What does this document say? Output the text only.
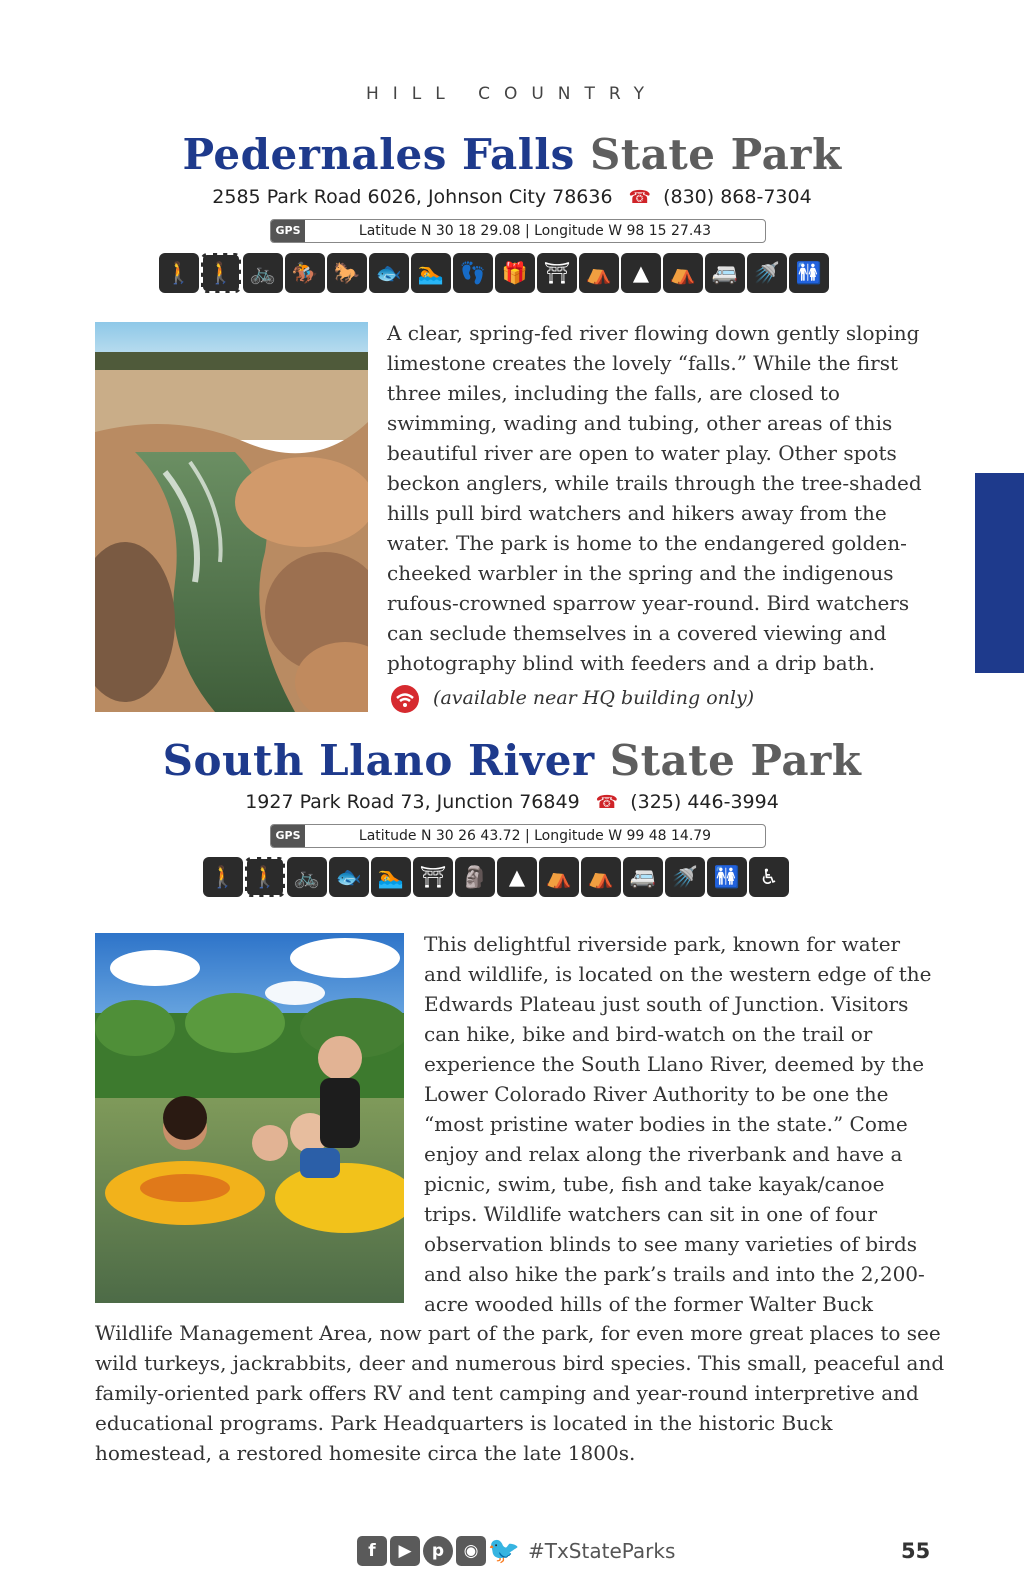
HILL COUNTRY
Pedernales Falls State Park
2585 Park Road 6026, Johnson City 78636 ☎ (830) 868-7304
GPS	Latitude N 30 18 29.08 | Longitude W 98 15 27.43
🚶 🚶 🚲 🏇 🐎 🐟 🏊 👣 🎁 ⛩ ⛺ ▲ ⛺ 🚐 🚿 🚻
A clear, spring-fed river flowing down gently sloping limestone creates the lovely “falls.” While the first three miles, including the falls, are closed to swimming, wading and tubing, other areas of this beautiful river are open to water play. Other spots beckon anglers, while trails through the tree-shaded hills pull bird watchers and hikers away from the water. The park is home to the endangered golden-cheeked warbler in the spring and the indigenous rufous-crowned sparrow year-round. Bird watchers can seclude themselves in a covered viewing and photography blind with feeders and a drip bath.
(available near HQ building only)
South Llano River State Park
1927 Park Road 73, Junction 76849 ☎ (325) 446-3994
GPS	Latitude N 30 26 43.72 | Longitude W 99 48 14.79
🚶 🚶 🚲 🐟 🏊 ⛩ 🗿 ▲ ⛺ ⛺ 🚐 🚿 🚻 ♿
This delightful riverside park, known for water and wildlife, is located on the western edge of the Edwards Plateau just south of Junction. Visitors can hike, bike and bird-watch on the trail or experience the South Llano River, deemed by the Lower Colorado River Authority to be one the “most pristine water bodies in the state.” Come enjoy and relax along the riverbank and have a picnic, swim, tube, fish and take kayak/canoe trips. Wildlife watchers can sit in one of four observation blinds to see many varieties of birds and also hike the park’s trails and into the 2,200-acre wooded hills of the former Walter Buck
Wildlife Management Area, now part of the park, for even more great places to see wild turkeys, jackrabbits, deer and numerous bird species. This small, peaceful and family-oriented park offers RV and tent camping and year-round interpretive and educational programs. Park Headquarters is located in the historic Buck homestead, a restored homesite circa the late 1800s.
f	▶	p	◉ 🐦 #TxStateParks	55
